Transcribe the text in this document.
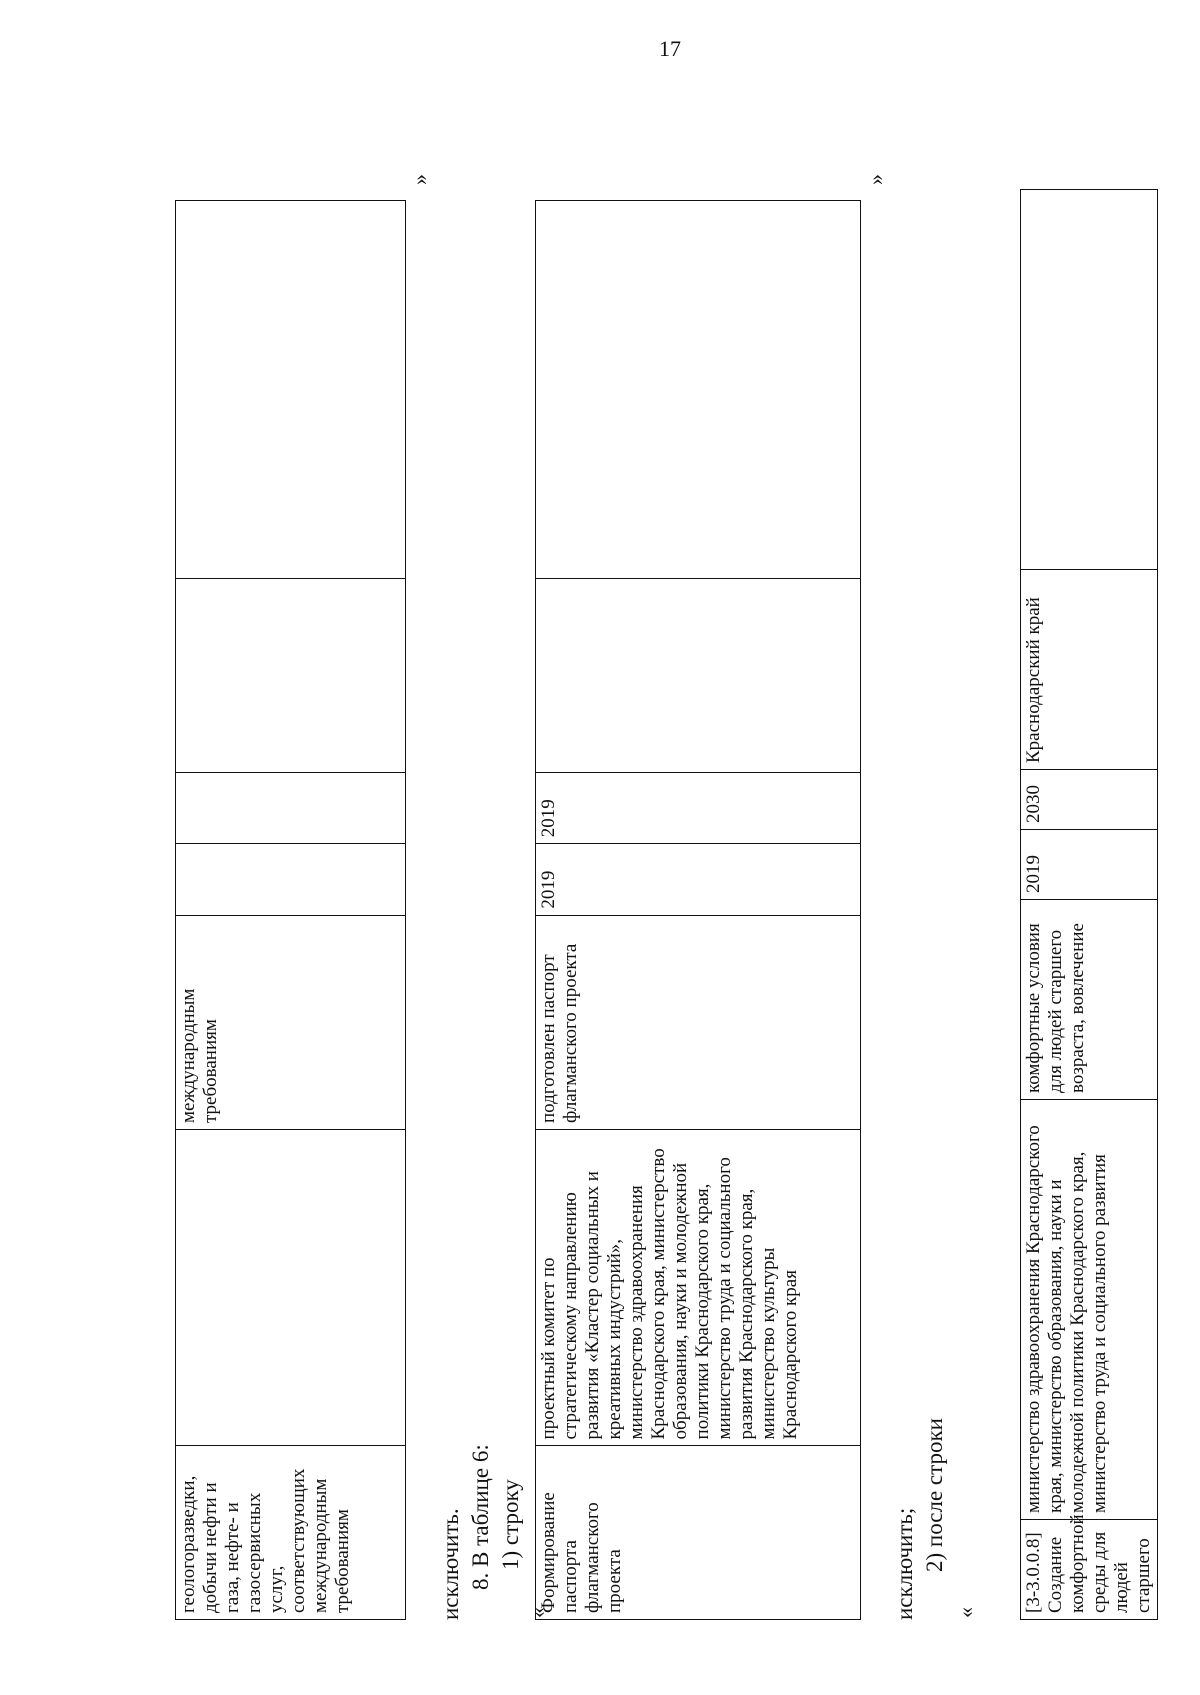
17
геологоразведки, добычи нефти и газа, нефте- и газосервисных услуг, соответствующих международным требованиям		международным требованиям				
»
исключить. 8. В таблице 6: 1) строку
«
Формирование паспорта флагманского проекта	проектный комитет по стратегическому направлению развития «Кластер социальных и креативных индустрий», министерство здравоохранения Краснодарского края, министерство образования, науки и молодежной политики Краснодарского края, министерство труда и социального развития Краснодарского края, министерство культуры Краснодарского края	подготовлен паспорт флагманского проекта	2019	2019		
»
исключить; 2) после строки
« [3-3.0.0.8] Создание комфортной среды для людей старшего	министерство здравоохранения Краснодарского края, министерство образования, науки и молодежной политики Краснодарского края, министерство труда и социального развития	комфортные условия для людей старшего возраста, вовлечение	2019	2030	Краснодарский край	
